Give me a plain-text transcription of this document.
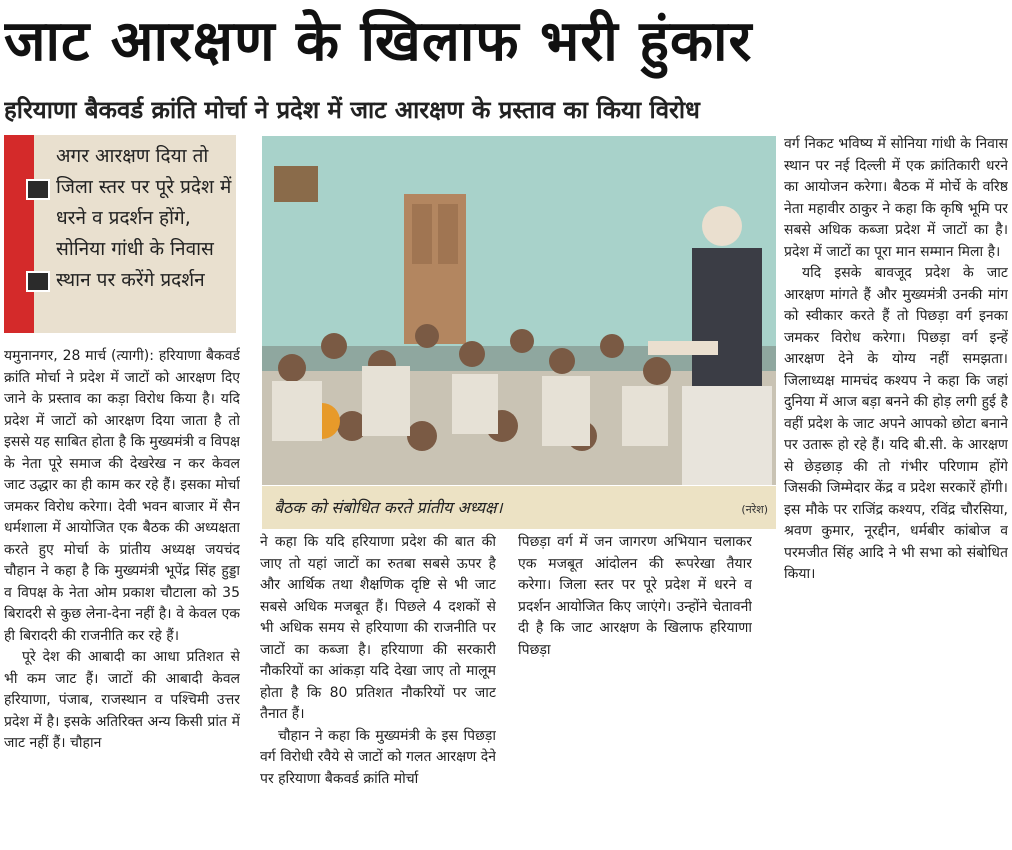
जाट आरक्षण के खिलाफ भरी हुंकार
हरियाणा बैकवर्ड क्रांति मोर्चा ने प्रदेश में जाट आरक्षण के प्रस्ताव का किया विरोध
अगर आरक्षण दिया तो जिला स्तर पर पूरे प्रदेश में धरने व प्रदर्शन होंगे, सोनिया गांधी के निवास स्थान पर करेंगे प्रदर्शन
बैठक को संबोधित करते प्रांतीय अध्यक्ष।	(नरेश)

यमुनानगर, 28 मार्च (त्यागी): हरियाणा बैकवर्ड क्रांति मोर्चा ने प्रदेश में जाटों को आरक्षण दिए जाने के प्रस्ताव का कड़ा विरोध किया है। यदि प्रदेश में जाटों को आरक्षण दिया जाता है तो इससे यह साबित होता है कि मुख्यमंत्री व विपक्ष के नेता पूरे समाज की देखरेख न कर केवल जाट उद्धार का ही काम कर रहे हैं। इसका मोर्चा जमकर विरोध करेगा। देवी भवन बाजार में सैन धर्मशाला में आयोजित एक बैठक की अध्यक्षता करते हुए मोर्चा के प्रांतीय अध्यक्ष जयचंद चौहान ने कहा है कि मुख्यमंत्री भूपेंद्र सिंह हुड्डा व विपक्ष के नेता ओम प्रकाश चौटाला को 35 बिरादरी से कुछ लेना-देना नहीं है। वे केवल एक ही बिरादरी की राजनीति कर रहे हैं।

पूरे देश की आबादी का आधा प्रतिशत से भी कम जाट हैं। जाटों की आबादी केवल हरियाणा, पंजाब, राजस्थान व पश्चिमी उत्तर प्रदेश में है। इसके अतिरिक्त अन्य किसी प्रांत में जाट नहीं हैं। चौहान

ने कहा कि यदि हरियाणा प्रदेश की बात की जाए तो यहां जाटों का रुतबा सबसे ऊपर है और आर्थिक तथा शैक्षणिक दृष्टि से भी जाट सबसे अधिक मजबूत हैं। पिछले 4 दशकों से भी अधिक समय से हरियाणा की राजनीति पर जाटों का कब्जा है। हरियाणा की सरकारी नौकरियों का आंकड़ा यदि देखा जाए तो मालूम होता है कि 80 प्रतिशत नौकरियों पर जाट तैनात हैं।

चौहान ने कहा कि मुख्यमंत्री के इस पिछड़ा वर्ग विरोधी रवैये से जाटों को गलत आरक्षण देने पर हरियाणा बैकवर्ड क्रांति मोर्चा

पिछड़ा वर्ग में जन जागरण अभियान चलाकर एक मजबूत आंदोलन की रूपरेखा तैयार करेगा। जिला स्तर पर पूरे प्रदेश में धरने व प्रदर्शन आयोजित किए जाएंगे। उन्होंने चेतावनी दी है कि जाट आरक्षण के खिलाफ हरियाणा पिछड़ा

वर्ग निकट भविष्य में सोनिया गांधी के निवास स्थान पर नई दिल्ली में एक क्रांतिकारी धरने का आयोजन करेगा। बैठक में मोर्चे के वरिष्ठ नेता महावीर ठाकुर ने कहा कि कृषि भूमि पर सबसे अधिक कब्जा प्रदेश में जाटों का है। प्रदेश में जाटों का पूरा मान सम्मान मिला है।

यदि इसके बावजूद प्रदेश के जाट आरक्षण मांगते हैं और मुख्यमंत्री उनकी मांग को स्वीकार करते हैं तो पिछड़ा वर्ग इनका जमकर विरोध करेगा। पिछड़ा वर्ग इन्हें आरक्षण देने के योग्य नहीं समझता। जिलाध्यक्ष मामचंद कश्यप ने कहा कि जहां दुनिया में आज बड़ा बनने की होड़ लगी हुई है वहीं प्रदेश के जाट अपने आपको छोटा बनाने पर उतारू हो रहे हैं। यदि बी.सी. के आरक्षण से छेड़छाड़ की तो गंभीर परिणाम होंगे जिसकी जिम्मेदार केंद्र व प्रदेश सरकारें होंगी। इस मौके पर राजिंद्र कश्यप, रविंद्र चौरसिया, श्रवण कुमार, नूरद्दीन, धर्मबीर कांबोज व परमजीत सिंह आदि ने भी सभा को संबोधित किया।
